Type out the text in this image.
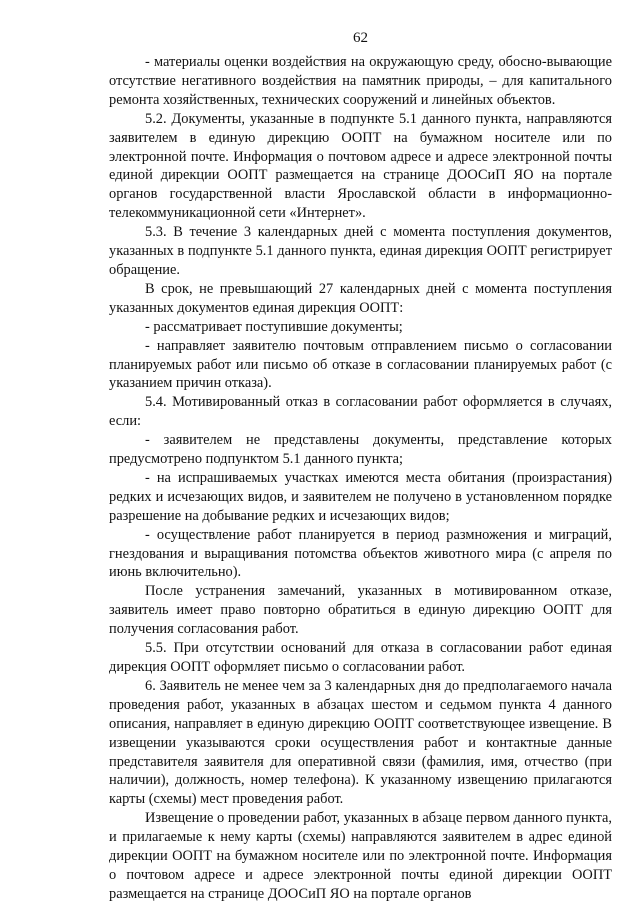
62

- материалы оценки воздействия на окружающую среду, обосно-вывающие отсутствие негативного воздействия на памятник природы, – для капитального ремонта хозяйственных, технических сооружений и линейных объектов.

5.2. Документы, указанные в подпункте 5.1 данного пункта, направляются заявителем в единую дирекцию ООПТ на бумажном носителе или по электронной почте. Информация о почтовом адресе и адресе электронной почты единой дирекции ООПТ размещается на странице ДООСиП ЯО на портале органов государственной власти Ярославской области в информационно-телекоммуникационной сети «Интернет».

5.3. В течение 3 календарных дней с момента поступления документов, указанных в подпункте 5.1 данного пункта, единая дирекция ООПТ регистрирует обращение.

В срок, не превышающий 27 календарных дней с момента поступления указанных документов единая дирекция ООПТ:

- рассматривает поступившие документы;

- направляет заявителю почтовым отправлением письмо о согласовании планируемых работ или письмо об отказе в согласовании планируемых работ (с указанием причин отказа).

5.4. Мотивированный отказ в согласовании работ оформляется в случаях, если:

- заявителем не представлены документы, представление которых предусмотрено подпунктом 5.1 данного пункта;

- на испрашиваемых участках имеются места обитания (произрастания) редких и исчезающих видов, и заявителем не получено в установленном порядке разрешение на добывание редких и исчезающих видов;

- осуществление работ планируется в период размножения и миграций, гнездования и выращивания потомства объектов животного мира (с апреля по июнь включительно).

После устранения замечаний, указанных в мотивированном отказе, заявитель имеет право повторно обратиться в единую дирекцию ООПТ для получения согласования работ.

5.5. При отсутствии оснований для отказа в согласовании работ единая дирекция ООПТ оформляет письмо о согласовании работ.

6. Заявитель не менее чем за 3 календарных дня до предполагаемого начала проведения работ, указанных в абзацах шестом и седьмом пункта 4 данного описания, направляет в единую дирекцию ООПТ соответствующее извещение. В извещении указываются сроки осуществления работ и контактные данные представителя заявителя для оперативной связи (фамилия, имя, отчество (при наличии), должность, номер телефона). К указанному извещению прилагаются карты (схемы) мест проведения работ.

Извещение о проведении работ, указанных в абзаце первом данного пункта, и прилагаемые к нему карты (схемы) направляются заявителем в адрес единой дирекции ООПТ на бумажном носителе или по электронной почте. Информация о почтовом адресе и адресе электронной почты единой дирекции ООПТ размещается на странице ДООСиП ЯО на портале органов
